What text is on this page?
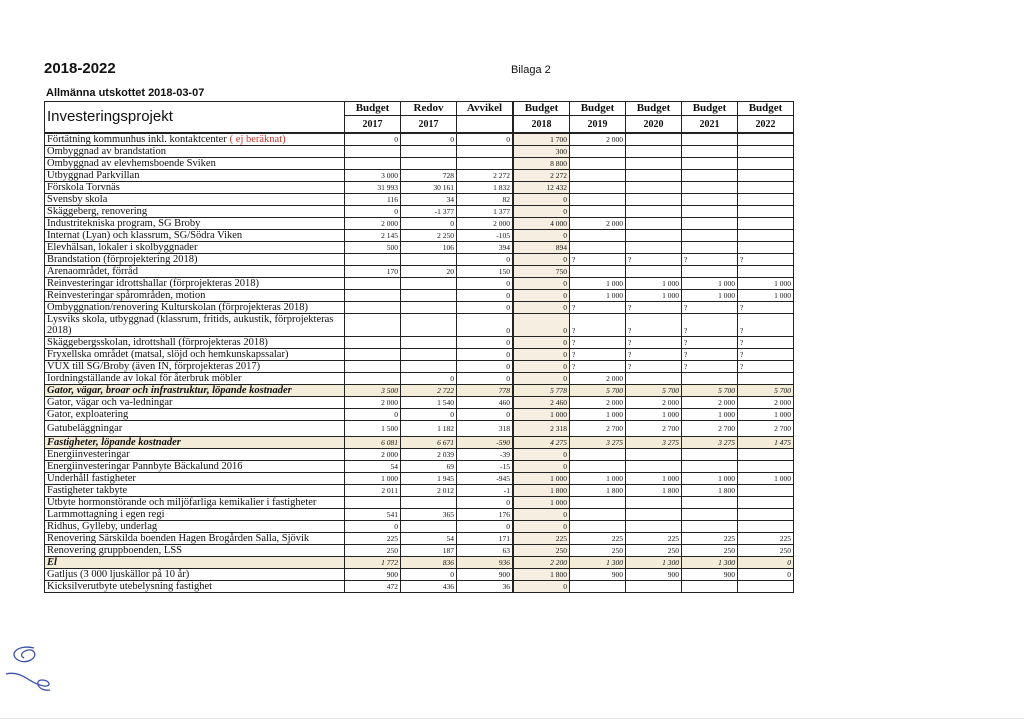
2018-2022	Bilaga 2
Allmänna utskottet 2018-03-07
Investeringsprojekt	Budget	Redov	Avvikel		Budget	Budget	Budget	Budget	Budget
	2017	2017			2018	2019	2020	2021	2022
Förtätning kommunhus inkl. kontaktcenter ( ej beräknat)	0	0	0		1 700	2 000			
Ombyggnad av brandstation					300				
Ombyggnad av elevhemsboende Sviken					8 800				
Utbyggnad Parkvillan	3 000	728	2 272		2 272				
Förskola Torvnäs	31 993	30 161	1 832		12 432				
Svensby skola	116	34	82		0				
Skäggeberg, renovering	0	-1 377	1 377		0				
Industritekniska program, SG Broby	2 000	0	2 000		4 000	2 000			
Internat (Lyan) och klassrum, SG/Södra Viken	2 145	2 250	-105		0				
Elevhälsan, lokaler i skolbyggnader	500	106	394		894				
Brandstation (förprojektering 2018)			0		0	?	?	?	?
Arenaområdet, förråd	170	20	150		750				
Reinvesteringar idrottshallar (förprojekteras 2018)			0		0	1 000	1 000	1 000	1 000
Reinvesteringar spårområden, motion			0		0	1 000	1 000	1 000	1 000
Ombyggnation/renovering Kulturskolan (förprojekteras 2018)			0		0	?	?	?	?
Lysviks skola, utbyggnad (klassrum, fritids, aukustik, förprojekteras 2018)			0		0	?	?	?	?
Skäggebergsskolan, idrottshall (förprojekteras 2018)			0		0	?	?	?	?
Fryxellska området (matsal, slöjd och hemkunskapssalar)			0		0	?	?	?	?
VUX till SG/Broby (även IN, förprojekteras 2017)			0		0	?	?	?	?
Iordningställande av lokal för återbruk möbler		0	0		0	2 000			
Gator, vägar, broar och infrastruktur, löpande kostnader	3 500	2 722	778		5 778	5 700	5 700	5 700	5 700
Gator, vägar och va-ledningar	2 000	1 540	460		2 460	2 000	2 000	2 000	2 000
Gator, exploatering	0	0	0		1 000	1 000	1 000	1 000	1 000
Gatubeläggningar	1 500	1 182	318		2 318	2 700	2 700	2 700	2 700
Fastigheter, löpande kostnader	6 081	6 671	-590		4 275	3 275	3 275	3 275	1 475
Energiinvesteringar	2 000	2 039	-39		0				
Energiinvesteringar Pannbyte Bäckalund 2016	54	69	-15		0				
Underhåll fastigheter	1 000	1 945	-945		1 000	1 000	1 000	1 000	1 000
Fastigheter takbyte	2 011	2 012	-1		1 800	1 800	1 800	1 800	
Utbyte hormonstörande och miljöfarliga kemikalier i fastigheter			0		1 000				
Larmmottagning i egen regi	541	365	176		0				
Ridhus, Gylleby, underlag	0		0		0				
Renovering Särskilda boenden Hagen Brogården Salla, Sjövik	225	54	171		225	225	225	225	225
Renovering gruppboenden, LSS	250	187	63		250	250	250	250	250
El	1 772	836	936		2 200	1 300	1 300	1 300	0
Gatljus (3 000 ljuskällor på 10 år)	900	0	900		1 800	900	900	900	0
Kicksilverutbyte utebelysning fastighet	472	436	36		0				
